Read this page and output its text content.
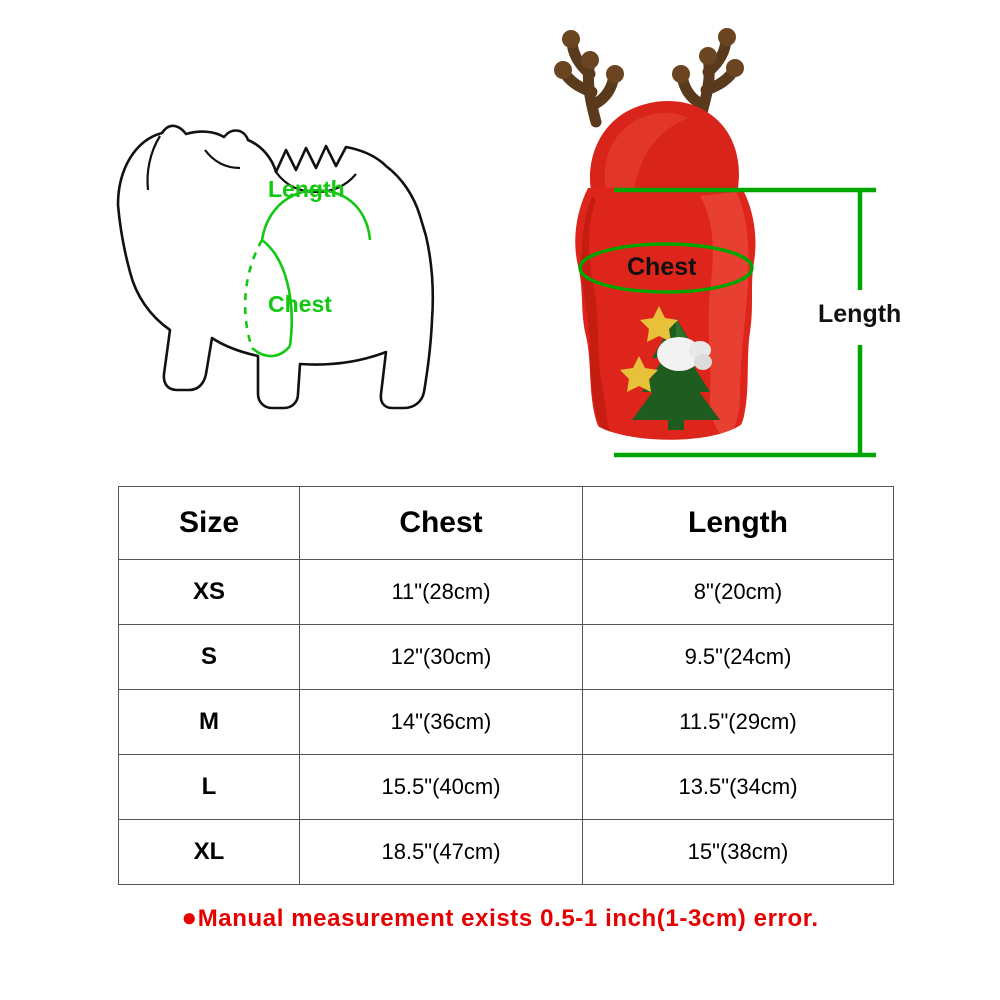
Length
Chest
Chest
Length
Size	Chest	Length
XS	11"(28cm)	8"(20cm)
S	12"(30cm)	9.5"(24cm)
M	14"(36cm)	11.5"(29cm)
L	15.5"(40cm)	13.5"(34cm)
XL	18.5"(47cm)	15"(38cm)
●Manual measurement exists 0.5-1 inch(1-3cm) error.
